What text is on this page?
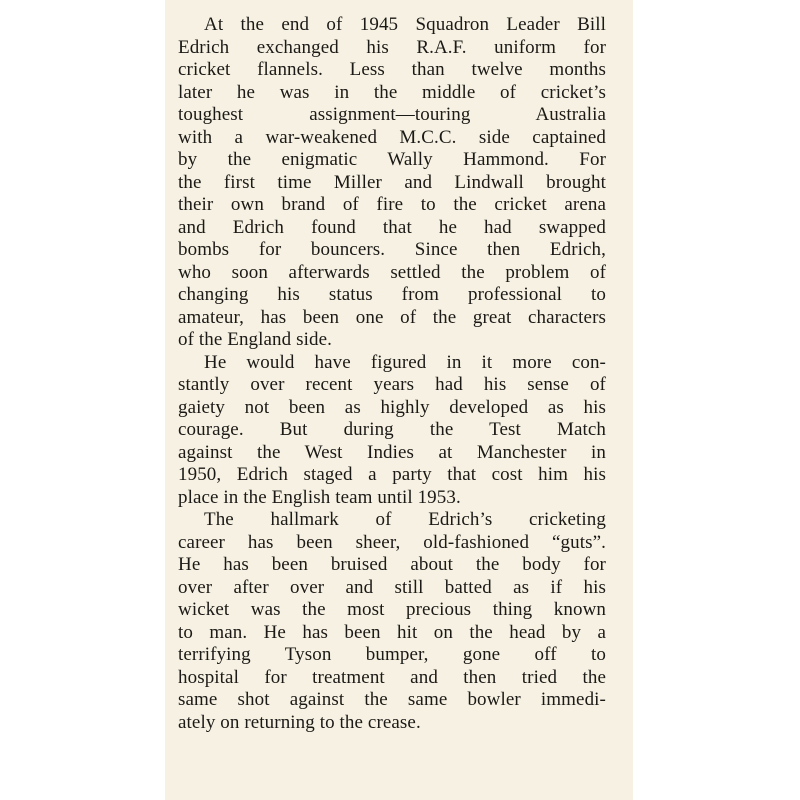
At the end of 1945 Squadron Leader Bill
Edrich exchanged his R.A.F. uniform for
cricket flannels. Less than twelve months
later he was in the middle of cricket’s
toughest assignment—touring Australia
with a war-weakened M.C.C. side captained
by the enigmatic Wally Hammond. For
the first time Miller and Lindwall brought
their own brand of fire to the cricket arena
and Edrich found that he had swapped
bombs for bouncers. Since then Edrich,
who soon afterwards settled the problem of
changing his status from professional to
amateur, has been one of the great characters
of the England side.
He would have figured in it more con-
stantly over recent years had his sense of
gaiety not been as highly developed as his
courage. But during the Test Match
against the West Indies at Manchester in
1950, Edrich staged a party that cost him his
place in the English team until 1953.
The hallmark of Edrich’s cricketing
career has been sheer, old-fashioned “guts”.
He has been bruised about the body for
over after over and still batted as if his
wicket was the most precious thing known
to man. He has been hit on the head by a
terrifying Tyson bumper, gone off to
hospital for treatment and then tried the
same shot against the same bowler immedi-
ately on returning to the crease.
